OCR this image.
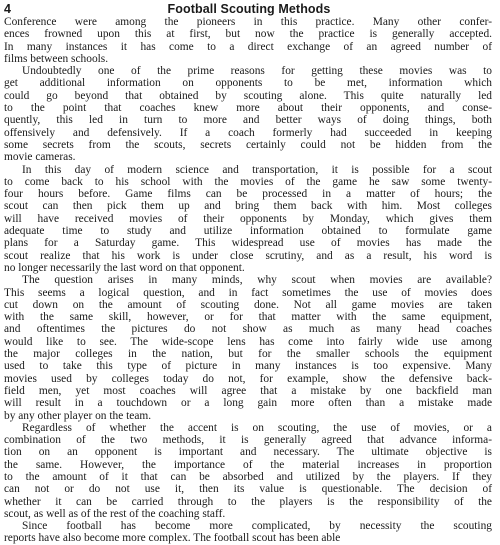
4	Football Scouting Methods
Conference were among the pioneers in this practice. Many other confer-
ences frowned upon this at first, but now the practice is generally accepted.
In many instances it has come to a direct exchange of an agreed number of
films between schools.
Undoubtedly one of the prime reasons for getting these movies was to
get additional information on opponents to be met, information which
could go beyond that obtained by scouting alone. This quite naturally led
to the point that coaches knew more about their opponents, and conse-
quently, this led in turn to more and better ways of doing things, both
offensively and defensively. If a coach formerly had succeeded in keeping
some secrets from the scouts, secrets certainly could not be hidden from the
movie cameras.
In this day of modern science and transportation, it is possible for a scout
to come back to his school with the movies of the game he saw some twenty-
four hours before. Game films can be processed in a matter of hours; the
scout can then pick them up and bring them back with him. Most colleges
will have received movies of their opponents by Monday, which gives them
adequate time to study and utilize information obtained to formulate game
plans for a Saturday game. This widespread use of movies has made the
scout realize that his work is under close scrutiny, and as a result, his word is
no longer necessarily the last word on that opponent.
The question arises in many minds, why scout when movies are available?
This seems a logical question, and in fact sometimes the use of movies does
cut down on the amount of scouting done. Not all game movies are taken
with the same skill, however, or for that matter with the same equipment,
and oftentimes the pictures do not show as much as many head coaches
would like to see. The wide-scope lens has come into fairly wide use among
the major colleges in the nation, but for the smaller schools the equipment
used to take this type of picture in many instances is too expensive. Many
movies used by colleges today do not, for example, show the defensive back-
field men, yet most coaches will agree that a mistake by one backfield man
will result in a touchdown or a long gain more often than a mistake made
by any other player on the team.
Regardless of whether the accent is on scouting, the use of movies, or a
combination of the two methods, it is generally agreed that advance informa-
tion on an opponent is important and necessary. The ultimate objective is
the same. However, the importance of the material increases in proportion
to the amount of it that can be absorbed and utilized by the players. If they
can not or do not use it, then its value is questionable. The decision of
whether it can be carried through to the players is the responsibility of the
scout, as well as of the rest of the coaching staff.
Since football has become more complicated, by necessity the scouting
reports have also become more complex. The football scout has been able
